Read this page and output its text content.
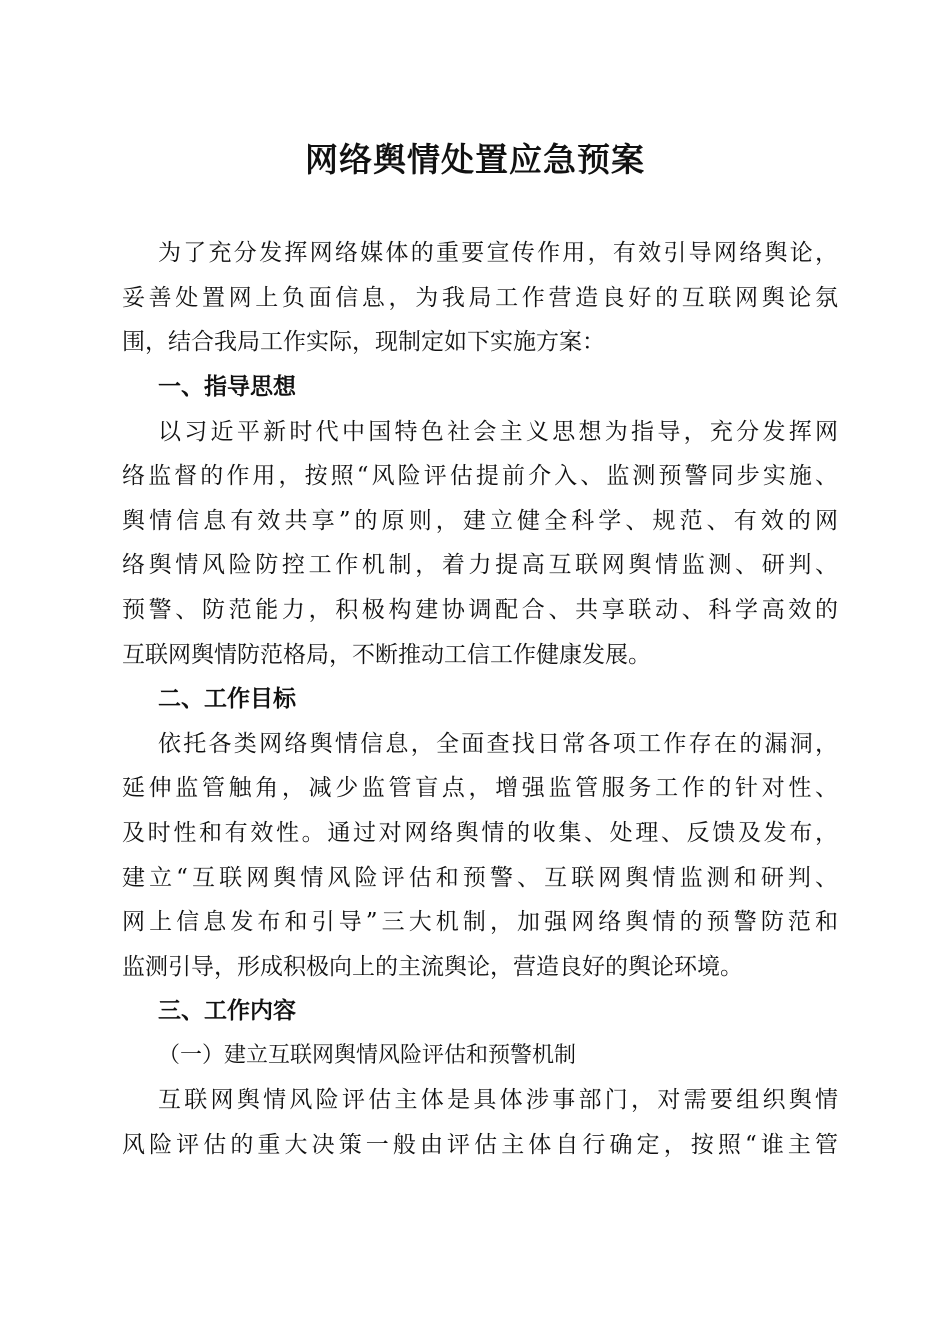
网络舆情处置应急预案
为了充分发挥网络媒体的重要宣传作用，有效引导网络舆论，
妥善处置网上负面信息，为我局工作营造良好的互联网舆论氛
围，结合我局工作实际，现制定如下实施方案：
一、指导思想
以习近平新时代中国特色社会主义思想为指导，充分发挥网
络监督的作用，按照“风险评估提前介入、监测预警同步实施、
舆情信息有效共享”的原则，建立健全科学、规范、有效的网
络舆情风险防控工作机制，着力提高互联网舆情监测、研判、
预警、防范能力，积极构建协调配合、共享联动、科学高效的
互联网舆情防范格局，不断推动工信工作健康发展。
二、工作目标
依托各类网络舆情信息，全面查找日常各项工作存在的漏洞，
延伸监管触角，减少监管盲点，增强监管服务工作的针对性、
及时性和有效性。通过对网络舆情的收集、处理、反馈及发布，
建立“互联网舆情风险评估和预警、互联网舆情监测和研判、
网上信息发布和引导”三大机制，加强网络舆情的预警防范和
监测引导，形成积极向上的主流舆论，营造良好的舆论环境。
三、工作内容
（一）建立互联网舆情风险评估和预警机制
互联网舆情风险评估主体是具体涉事部门，对需要组织舆情
风险评估的重大决策一般由评估主体自行确定，按照“谁主管
